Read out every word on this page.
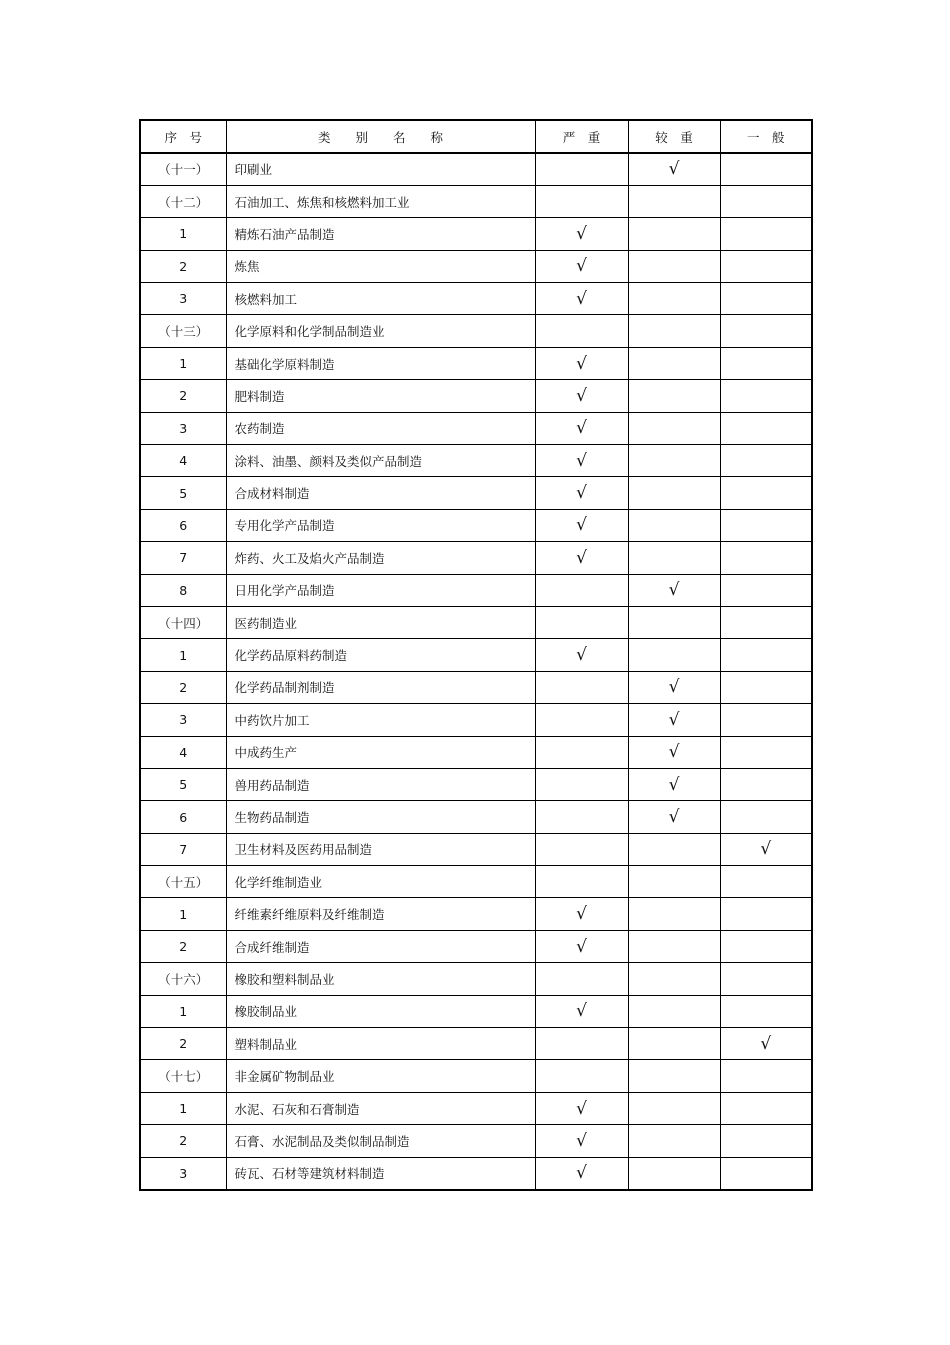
序　号	类　　别　　名　　称	严　重	较　重	一　般
（十一）	印刷业		√	
（十二）	石油加工、炼焦和核燃料加工业			
1	精炼石油产品制造	√		
2	炼焦	√		
3	核燃料加工	√		
（十三）	化学原料和化学制品制造业			
1	基础化学原料制造	√		
2	肥料制造	√		
3	农药制造	√		
4	涂料、油墨、颜料及类似产品制造	√		
5	合成材料制造	√		
6	专用化学产品制造	√		
7	炸药、火工及焰火产品制造	√		
8	日用化学产品制造		√	
（十四）	医药制造业			
1	化学药品原料药制造	√		
2	化学药品制剂制造		√	
3	中药饮片加工		√	
4	中成药生产		√	
5	兽用药品制造		√	
6	生物药品制造		√	
7	卫生材料及医药用品制造			√
（十五）	化学纤维制造业			
1	纤维素纤维原料及纤维制造	√		
2	合成纤维制造	√		
（十六）	橡胶和塑料制品业			
1	橡胶制品业	√		
2	塑料制品业			√
（十七）	非金属矿物制品业			
1	水泥、石灰和石膏制造	√		
2	石膏、水泥制品及类似制品制造	√		
3	砖瓦、石材等建筑材料制造	√		
